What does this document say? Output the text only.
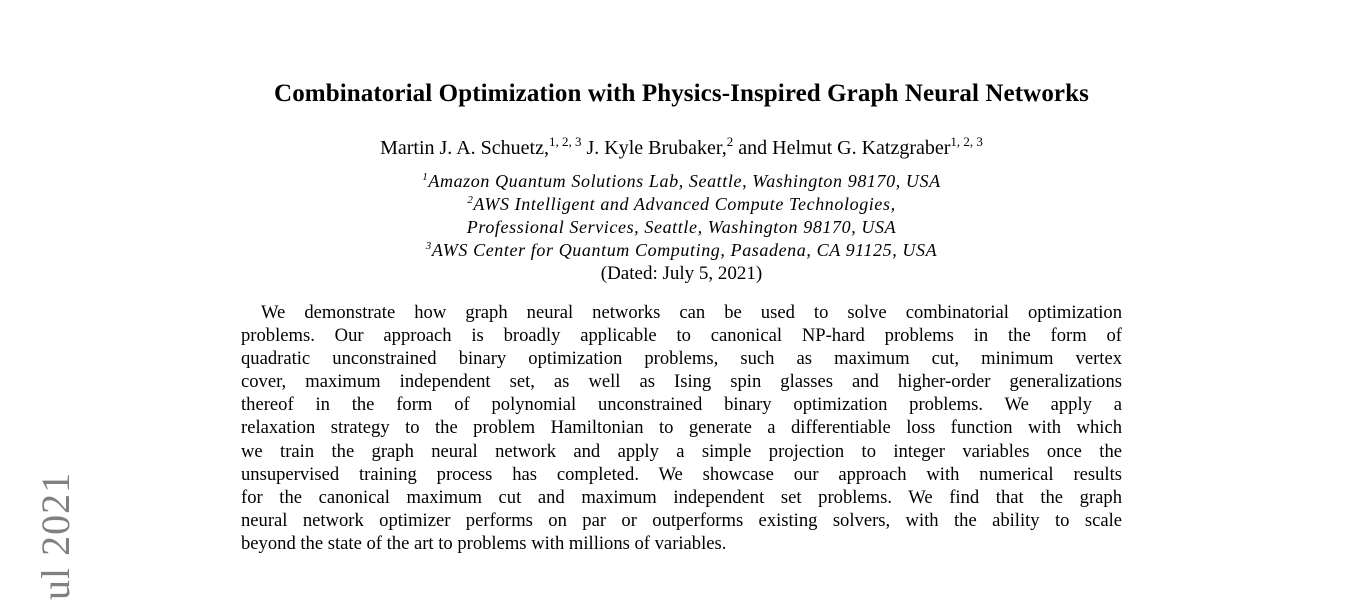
Combinatorial Optimization with Physics-Inspired Graph Neural Networks
Martin J. A. Schuetz,$^{1, 2, 3}$ J. Kyle Brubaker,$^2$ and Helmut G. Katzgraber$^{1, 2, 3}$
$^1$Amazon Quantum Solutions Lab, Seattle, Washington 98170, USA
$^2$AWS Intelligent and Advanced Compute Technologies,
Professional Services, Seattle, Washington 98170, USA
$^3$AWS Center for Quantum Computing, Pasadena, CA 91125, USA
(Dated: July 5, 2021)
We demonstrate how graph neural networks can be used to solve combinatorial optimization
problems. Our approach is broadly applicable to canonical NP-hard problems in the form of
quadratic unconstrained binary optimization problems, such as maximum cut, minimum vertex
cover, maximum independent set, as well as Ising spin glasses and higher-order generalizations
thereof in the form of polynomial unconstrained binary optimization problems. We apply a
relaxation strategy to the problem Hamiltonian to generate a differentiable loss function with which
we train the graph neural network and apply a simple projection to integer variables once the
unsupervised training process has completed. We showcase our approach with numerical results
for the canonical maximum cut and maximum independent set problems. We find that the graph
neural network optimizer performs on par or outperforms existing solvers, with the ability to scale
beyond the state of the art to problems with millions of variables.
ul 2021
